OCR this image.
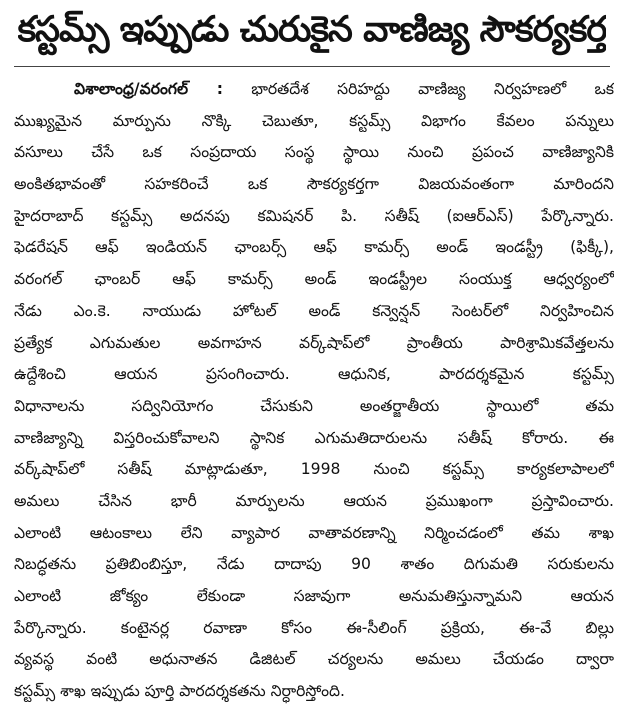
కస్టమ్స్ ఇప్పుడు చురుకైన వాణిజ్య సౌకర్యకర్త
విశాలాంధ్ర/వరంగల్ : భారతదేశ సరిహద్దు వాణిజ్య నిర్వహణలో ఒక
ముఖ్యమైన మార్పును నొక్కి చెబుతూ, కస్టమ్స్ విభాగం కేవలం పన్నులు
వసూలు చేసే ఒక సంప్రదాయ సంస్థ స్థాయి నుంచి ప్రపంచ వాణిజ్యానికి
అంకితభావంతో సహకరించే ఒక సౌకర్యకర్తగా విజయవంతంగా మారిందని
హైదరాబాద్ కస్టమ్స్ అదనపు కమిషనర్ పి. సతీష్ (ఐఆర్ఎస్) పేర్కొన్నారు.
ఫెడరేషన్ ఆఫ్ ఇండియన్ ఛాంబర్స్ ఆఫ్ కామర్స్ అండ్ ఇండస్ట్రీ (ఫిక్కీ),
వరంగల్ ఛాంబర్ ఆఫ్ కామర్స్ అండ్ ఇండస్ట్రీల సంయుక్త ఆధ్వర్యంలో
నేడు ఎం.కె. నాయుడు హోటల్ అండ్ కన్వెన్షన్ సెంటర్‌లో నిర్వహించిన
ప్రత్యేక ఎగుమతుల అవగాహన వర్క్‌షాప్‌లో ప్రాంతీయ పారిశ్రామికవేత్తలను
ఉద్దేశించి ఆయన ప్రసంగించారు. ఆధునిక, పారదర్శకమైన కస్టమ్స్
విధానాలను సద్వినియోగం చేసుకుని అంతర్జాతీయ స్థాయిలో తమ
వాణిజ్యాన్ని విస్తరించుకోవాలని స్థానిక ఎగుమతిదారులను సతీష్ కోరారు. ఈ
వర్క్‌షాప్‌లో సతీష్ మాట్లాడుతూ, 1998 నుంచి కస్టమ్స్ కార్యకలాపాలలో
అమలు చేసిన భారీ మార్పులను ఆయన ప్రముఖంగా ప్రస్తావించారు.
ఎలాంటి ఆటంకాలు లేని వ్యాపార వాతావరణాన్ని నిర్మించడంలో తమ శాఖ
నిబద్ధతను ప్రతిబింబిస్తూ, నేడు దాదాపు 90 శాతం దిగుమతి సరుకులను
ఎలాంటి జోక్యం లేకుండా సజావుగా అనుమతిస్తున్నామని ఆయన
పేర్కొన్నారు. కంటైనర్ల రవాణా కోసం ఈ-సీలింగ్ ప్రక్రియ, ఈ-వే బిల్లు
వ్యవస్థ వంటి అధునాతన డిజిటల్ చర్యలను అమలు చేయడం ద్వారా
కస్టమ్స్ శాఖ ఇప్పుడు పూర్తి పారదర్శకతను నిర్ధారిస్తోంది.
